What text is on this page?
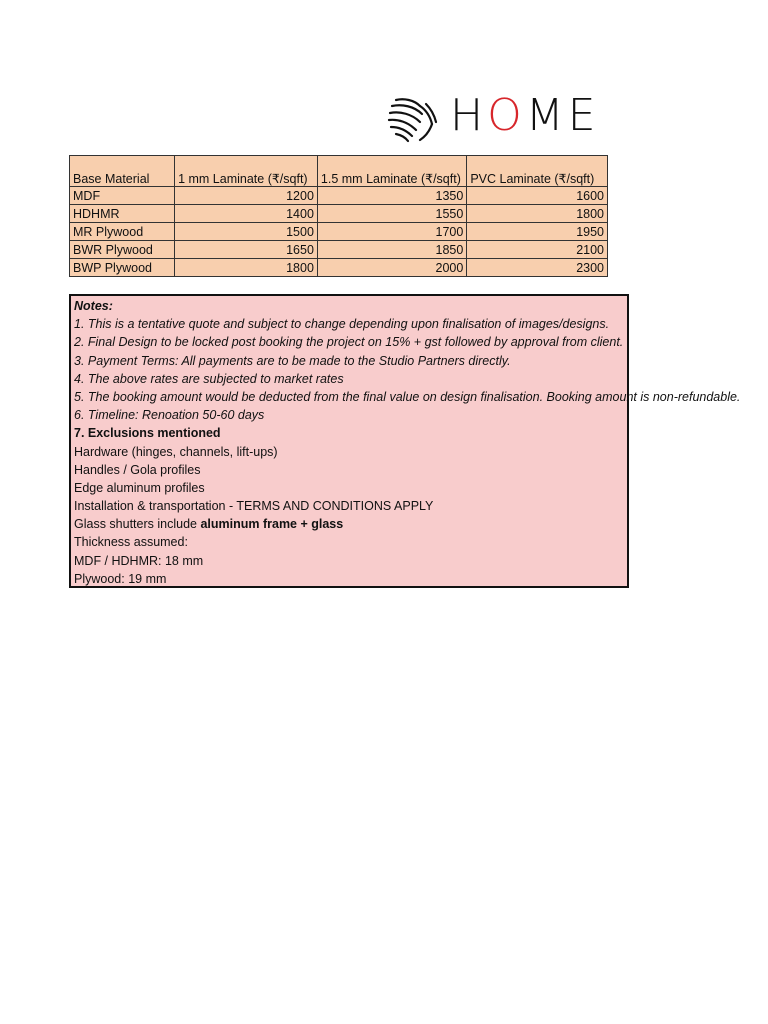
HOME
Base Material	1 mm Laminate (₹/sqft)	1.5 mm Laminate (₹/sqft)	PVC Laminate (₹/sqft)
MDF	1200	1350	1600
HDHMR	1400	1550	1800
MR Plywood	1500	1700	1950
BWR Plywood	1650	1850	2100
BWP Plywood	1800	2000	2300
Notes:
1. This is a tentative quote and subject to change depending upon finalisation of images/designs.
2. Final Design to be locked post booking the project on 15% + gst followed by approval from client.
3. Payment Terms: All payments are to be made to the Studio Partners directly.
4. The above rates are subjected to market rates
5. The booking amount would be deducted from the final value on design finalisation. Booking amount is non-refundable.
6. Timeline: Renoation 50-60 days
7. Exclusions mentioned
Hardware (hinges, channels, lift-ups)
Handles / Gola profiles
Edge aluminum profiles
Installation & transportation - TERMS AND CONDITIONS APPLY
Glass shutters include aluminum frame + glass
Thickness assumed:
MDF / HDHMR: 18 mm
Plywood: 19 mm
